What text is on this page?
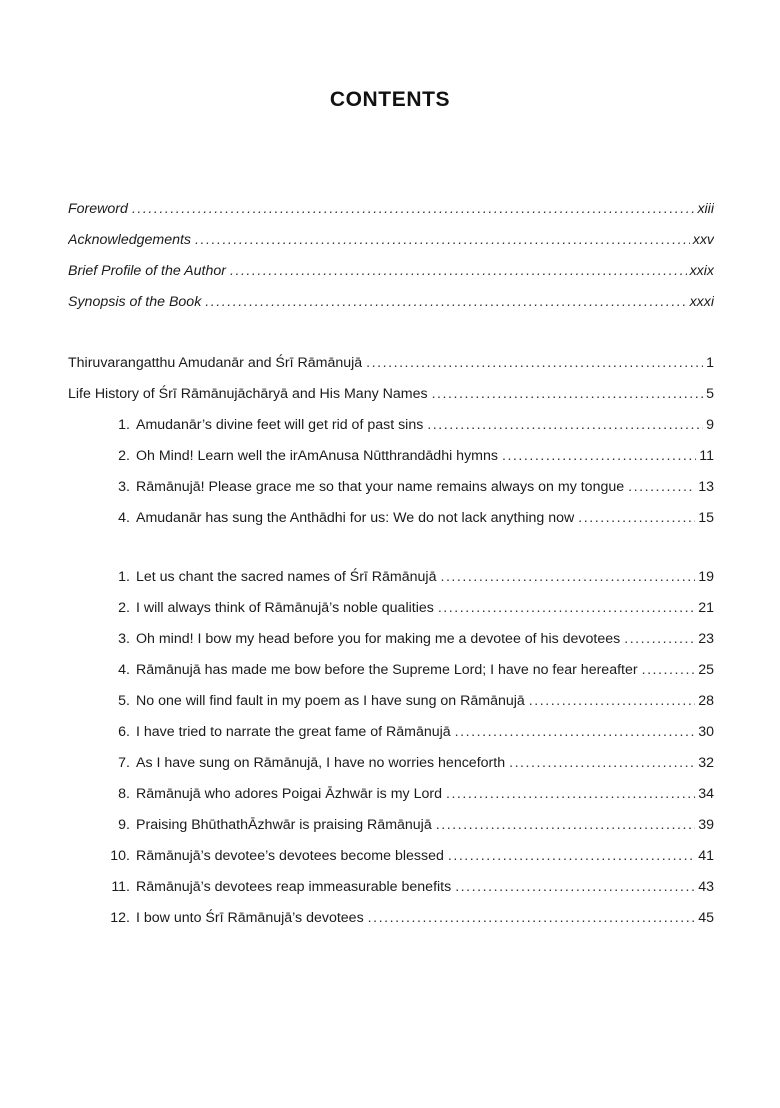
CONTENTS
Foreword . . .	xiii
Acknowledgements . . .	xxv
Brief Profile of the Author . . .	xxix
Synopsis of the Book . . .	xxxi
Thiruvarangatthu Amudanār and Śrī Rāmānujā . . .	1
Life History of Śrī Rāmānujāchāryā and His Many Names . . .	5
1. Amudanār’s divine feet will get rid of past sins . . .	9
2. Oh Mind! Learn well the irAmAnusa Nūtthrandādhi hymns . . .	11
3. Rāmānujā! Please grace me so that your name remains always on my tongue . . .	13
4. Amudanār has sung the Anthādhi for us: We do not lack anything now . . .	15
1. Let us chant the sacred names of Śrī Rāmānujā . . .	19
2. I will always think of Rāmānujā’s noble qualities . . .	21
3. Oh mind! I bow my head before you for making me a devotee of his devotees . . .	23
4. Rāmānujā has made me bow before the Supreme Lord; I have no fear hereafter . . .	25
5. No one will find fault in my poem as I have sung on Rāmānujā . . .	28
6. I have tried to narrate the great fame of Rāmānujā . . .	30
7. As I have sung on Rāmānujā, I have no worries henceforth . . .	32
8. Rāmānujā who adores Poigai Āzhwār is my Lord . . .	34
9. Praising BhūthathĀzhwār is praising Rāmānujā . . .	39
10. Rāmānujā’s devotee’s devotees become blessed . . .	41
11. Rāmānujā’s devotees reap immeasurable benefits . . .	43
12. I bow unto Śrī Rāmānujā’s devotees . . .	45
